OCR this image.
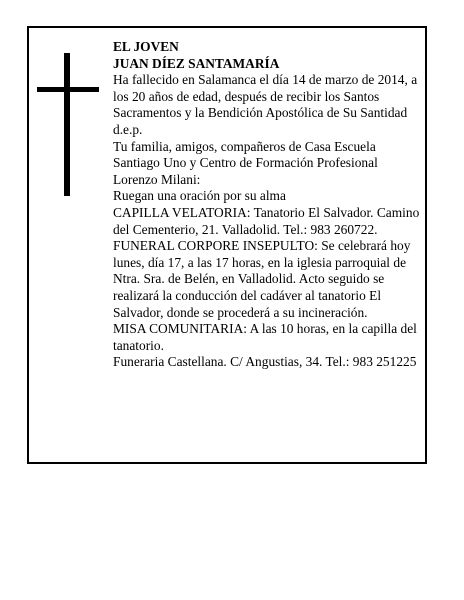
EL JOVEN

JUAN DÍEZ SANTAMARÍA

Ha fallecido en Salamanca el día 14 de marzo de 2014, a los 20 años de edad, después de recibir los Santos Sacramentos y la Bendición Apostólica de Su Santidad d.e.p.

Tu familia, amigos, compañeros de Casa Escuela Santiago Uno y Centro de Formación Profesional Lorenzo Milani:

Ruegan una oración por su alma

CAPILLA VELATORIA: Tanatorio El Salvador. Camino del Cementerio, 21. Valladolid. Tel.: 983 260722.

FUNERAL CORPORE INSEPULTO: Se celebrará hoy lunes, día 17, a las 17 horas, en la iglesia parroquial de Ntra. Sra. de Belén, en Valladolid. Acto seguido se realizará la conducción del cadáver al tanatorio El Salvador, donde se procederá a su incineración.

MISA COMUNITARIA: A las 10 horas, en la capilla del tanatorio.

Funeraria Castellana. C/ Angustias, 34. Tel.: 983 251225
